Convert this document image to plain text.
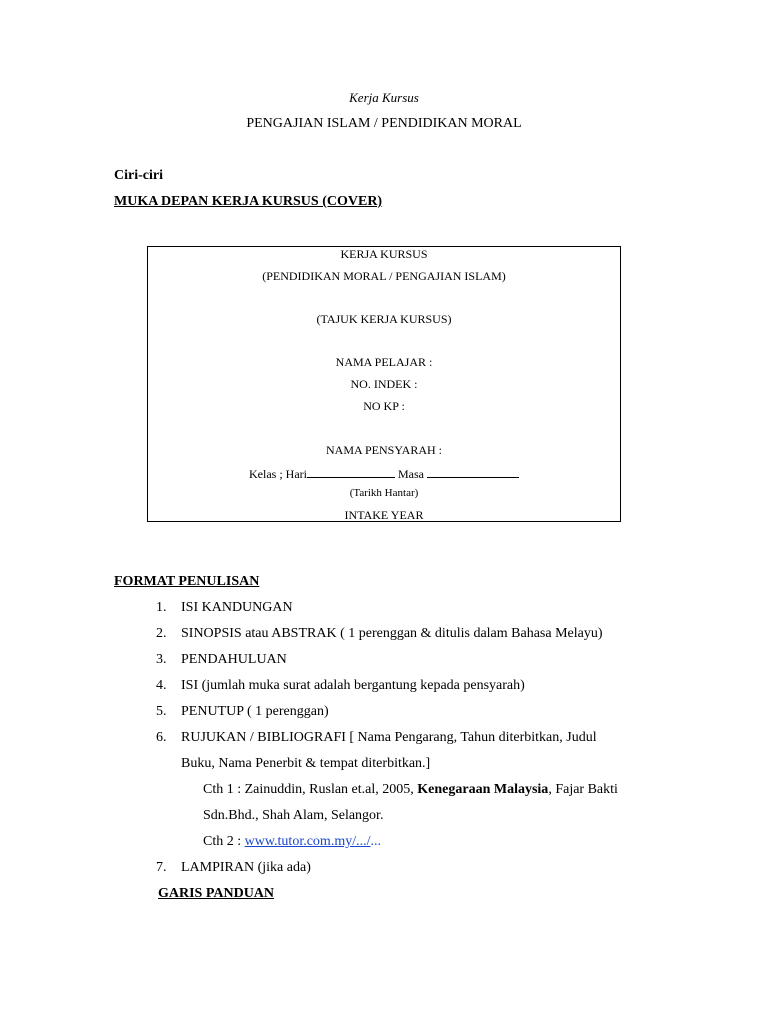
Kerja Kursus
PENGAJIAN ISLAM / PENDIDIKAN MORAL
Ciri-ciri
MUKA DEPAN KERJA KURSUS (COVER)
KERJA KURSUS
(PENDIDIKAN MORAL / PENGAJIAN ISLAM)
(TAJUK KERJA KURSUS)
NAMA PELAJAR :
NO. INDEK :
NO KP :
NAMA PENSYARAH :
Kelas ; Hari	Masa
(Tarikh Hantar)
INTAKE YEAR
FORMAT PENULISAN
1. ISI KANDUNGAN
2. SINOPSIS atau ABSTRAK ( 1 perenggan & ditulis dalam Bahasa Melayu)
3. PENDAHULUAN
4. ISI (jumlah muka surat adalah bergantung kepada pensyarah)
5. PENUTUP ( 1 perenggan)
6. RUJUKAN / BIBLIOGRAFI [ Nama Pengarang, Tahun diterbitkan, Judul
Buku, Nama Penerbit & tempat diterbitkan.]
Cth 1 : Zainuddin, Ruslan et.al, 2005, Kenegaraan Malaysia, Fajar Bakti
Sdn.Bhd., Shah Alam, Selangor.
Cth 2 : www.tutor.com.my/.../...
7. LAMPIRAN (jika ada)
GARIS PANDUAN
